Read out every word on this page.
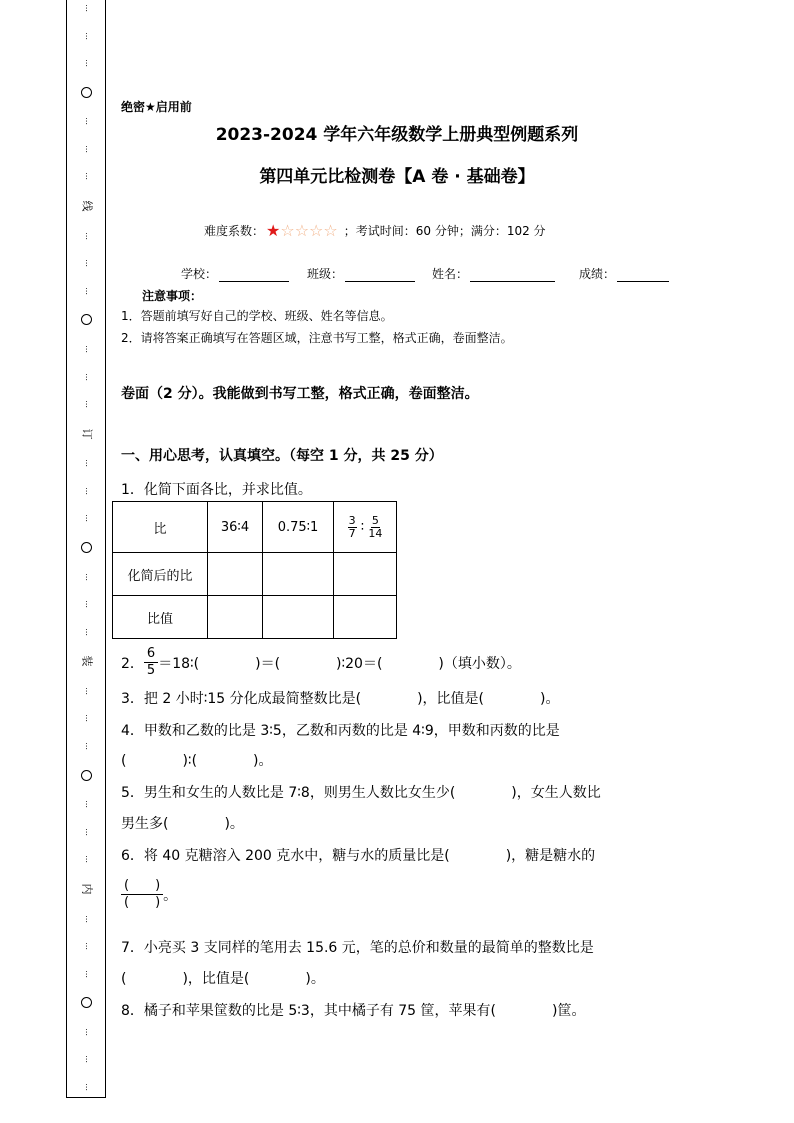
⋯
⋯
⋯
⋯
⋯
⋯
线
⋯
⋯
⋯
⋯
⋯
⋯
订
⋯
⋯
⋯
⋯
⋯
⋯
装
⋯
⋯
⋯
⋯
⋯
⋯
内
⋯
⋯
⋯
⋯
⋯
⋯
绝密★启用前
2023-2024 学年六年级数学上册典型例题系列
第四单元比检测卷【A 卷 · 基础卷】
难度系数： ★ ☆ ☆ ☆ ☆ ；考试时间：60 分钟；满分：102 分
学校：	班级：	姓名：	成绩：
注意事项：
1．答题前填写好自己的学校、班级、姓名等信息。
2．请将答案正确填写在答题区域，注意书写工整，格式正确，卷面整洁。
卷面（2 分）。我能做到书写工整，格式正确，卷面整洁。
一、用心思考，认真填空。（每空 1 分，共 25 分）
1．化简下面各比，并求比值。
比	36∶4	0.75∶1	$\frac{3}{7}$ ∶ $\frac{5}{14}$

化简后的比			
比值			
2．
6
5 ＝18∶(　　　　)＝(　　　　)∶20＝(　　　　)（填小数）。
3．把 2 小时∶15 分化成最简整数比是(　　　　)，比值是(　　　　)。
4．甲数和乙数的比是 3∶5，乙数和丙数的比是 4∶9，甲数和丙数的比是
(　　　　)∶(　　　　)。
5．男生和女生的人数比是 7∶8，则男生人数比女生少(　　　　)，女生人数比
男生多(　　　　)。
6．将 40 克糖溶入 200 克水中，糖与水的质量比是(　　　　)，糖是糖水的
(　　)
(　　) 。
7．小亮买 3 支同样的笔用去 15.6 元，笔的总价和数量的最简单的整数比是
(　　　　)，比值是(　　　　)。
8．橘子和苹果筐数的比是 5∶3，其中橘子有 75 筐，苹果有(　　　　)筐。
